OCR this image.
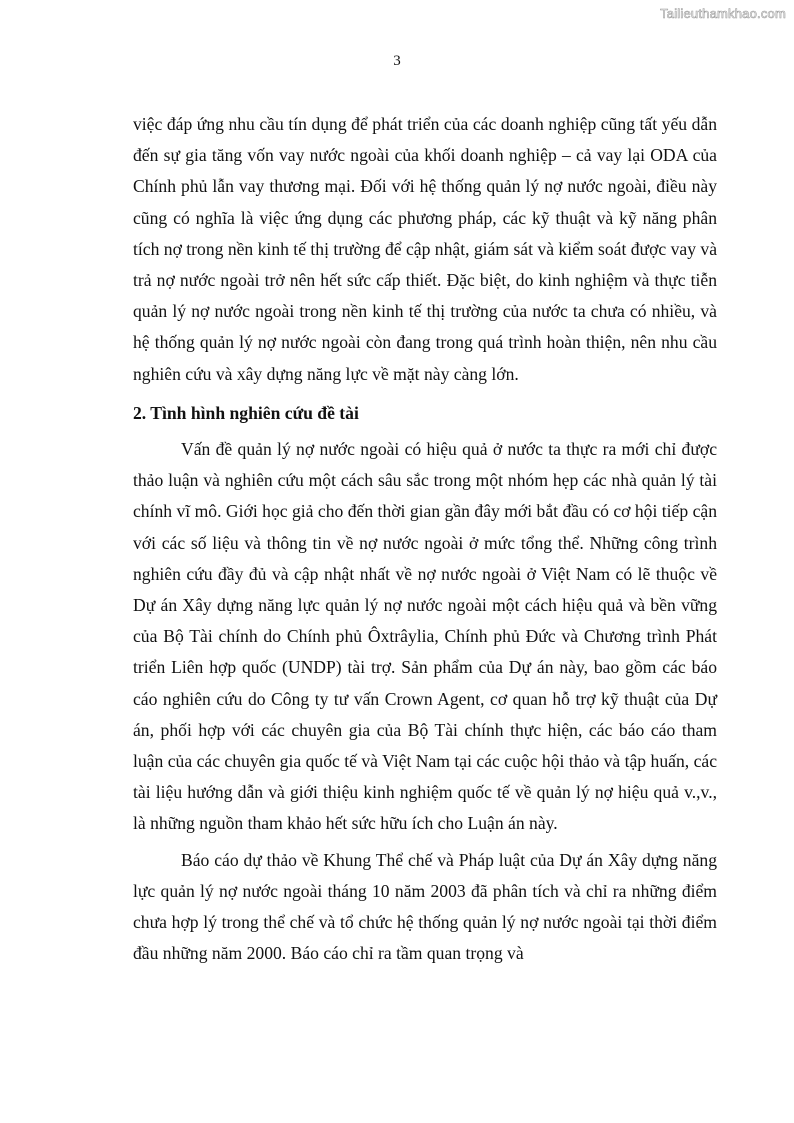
Tailieuthamkhao.com
3

việc đáp ứng nhu cầu tín dụng để phát triển của các doanh nghiệp cũng tất yếu dẫn đến sự gia tăng vốn vay nước ngoài của khối doanh nghiệp – cả vay lại ODA của Chính phủ lẫn vay thương mại. Đối với hệ thống quản lý nợ nước ngoài, điều này cũng có nghĩa là việc ứng dụng các phương pháp, các kỹ thuật và kỹ năng phân tích nợ trong nền kinh tế thị trường để cập nhật, giám sát và kiểm soát được vay và trả nợ nước ngoài trở nên hết sức cấp thiết. Đặc biệt, do kinh nghiệm và thực tiễn quản lý nợ nước ngoài trong nền kinh tế thị trường của nước ta chưa có nhiều, và hệ thống quản lý nợ nước ngoài còn đang trong quá trình hoàn thiện, nên nhu cầu nghiên cứu và xây dựng năng lực về mặt này càng lớn.

2. Tình hình nghiên cứu đề tài

Vấn đề quản lý nợ nước ngoài có hiệu quả ở nước ta thực ra mới chỉ được thảo luận và nghiên cứu một cách sâu sắc trong một nhóm hẹp các nhà quản lý tài chính vĩ mô. Giới học giả cho đến thời gian gần đây mới bắt đầu có cơ hội tiếp cận với các số liệu và thông tin về nợ nước ngoài ở mức tổng thể. Những công trình nghiên cứu đầy đủ và cập nhật nhất về nợ nước ngoài ở Việt Nam có lẽ thuộc về Dự án Xây dựng năng lực quản lý nợ nước ngoài một cách hiệu quả và bền vững của Bộ Tài chính do Chính phủ Ôxtrâylia, Chính phủ Đức và Chương trình Phát triển Liên hợp quốc (UNDP) tài trợ. Sản phẩm của Dự án này, bao gồm các báo cáo nghiên cứu do Công ty tư vấn Crown Agent, cơ quan hỗ trợ kỹ thuật của Dự án, phối hợp với các chuyên gia của Bộ Tài chính thực hiện, các báo cáo tham luận của các chuyên gia quốc tế và Việt Nam tại các cuộc hội thảo và tập huấn, các tài liệu hướng dẫn và giới thiệu kinh nghiệm quốc tế về quản lý nợ hiệu quả v.,v., là những nguồn tham khảo hết sức hữu ích cho Luận án này.

Báo cáo dự thảo về Khung Thể chế và Pháp luật của Dự án Xây dựng năng lực quản lý nợ nước ngoài tháng 10 năm 2003 đã phân tích và chỉ ra những điểm chưa hợp lý trong thể chế và tổ chức hệ thống quản lý nợ nước ngoài tại thời điểm đầu những năm 2000. Báo cáo chỉ ra tầm quan trọng và
